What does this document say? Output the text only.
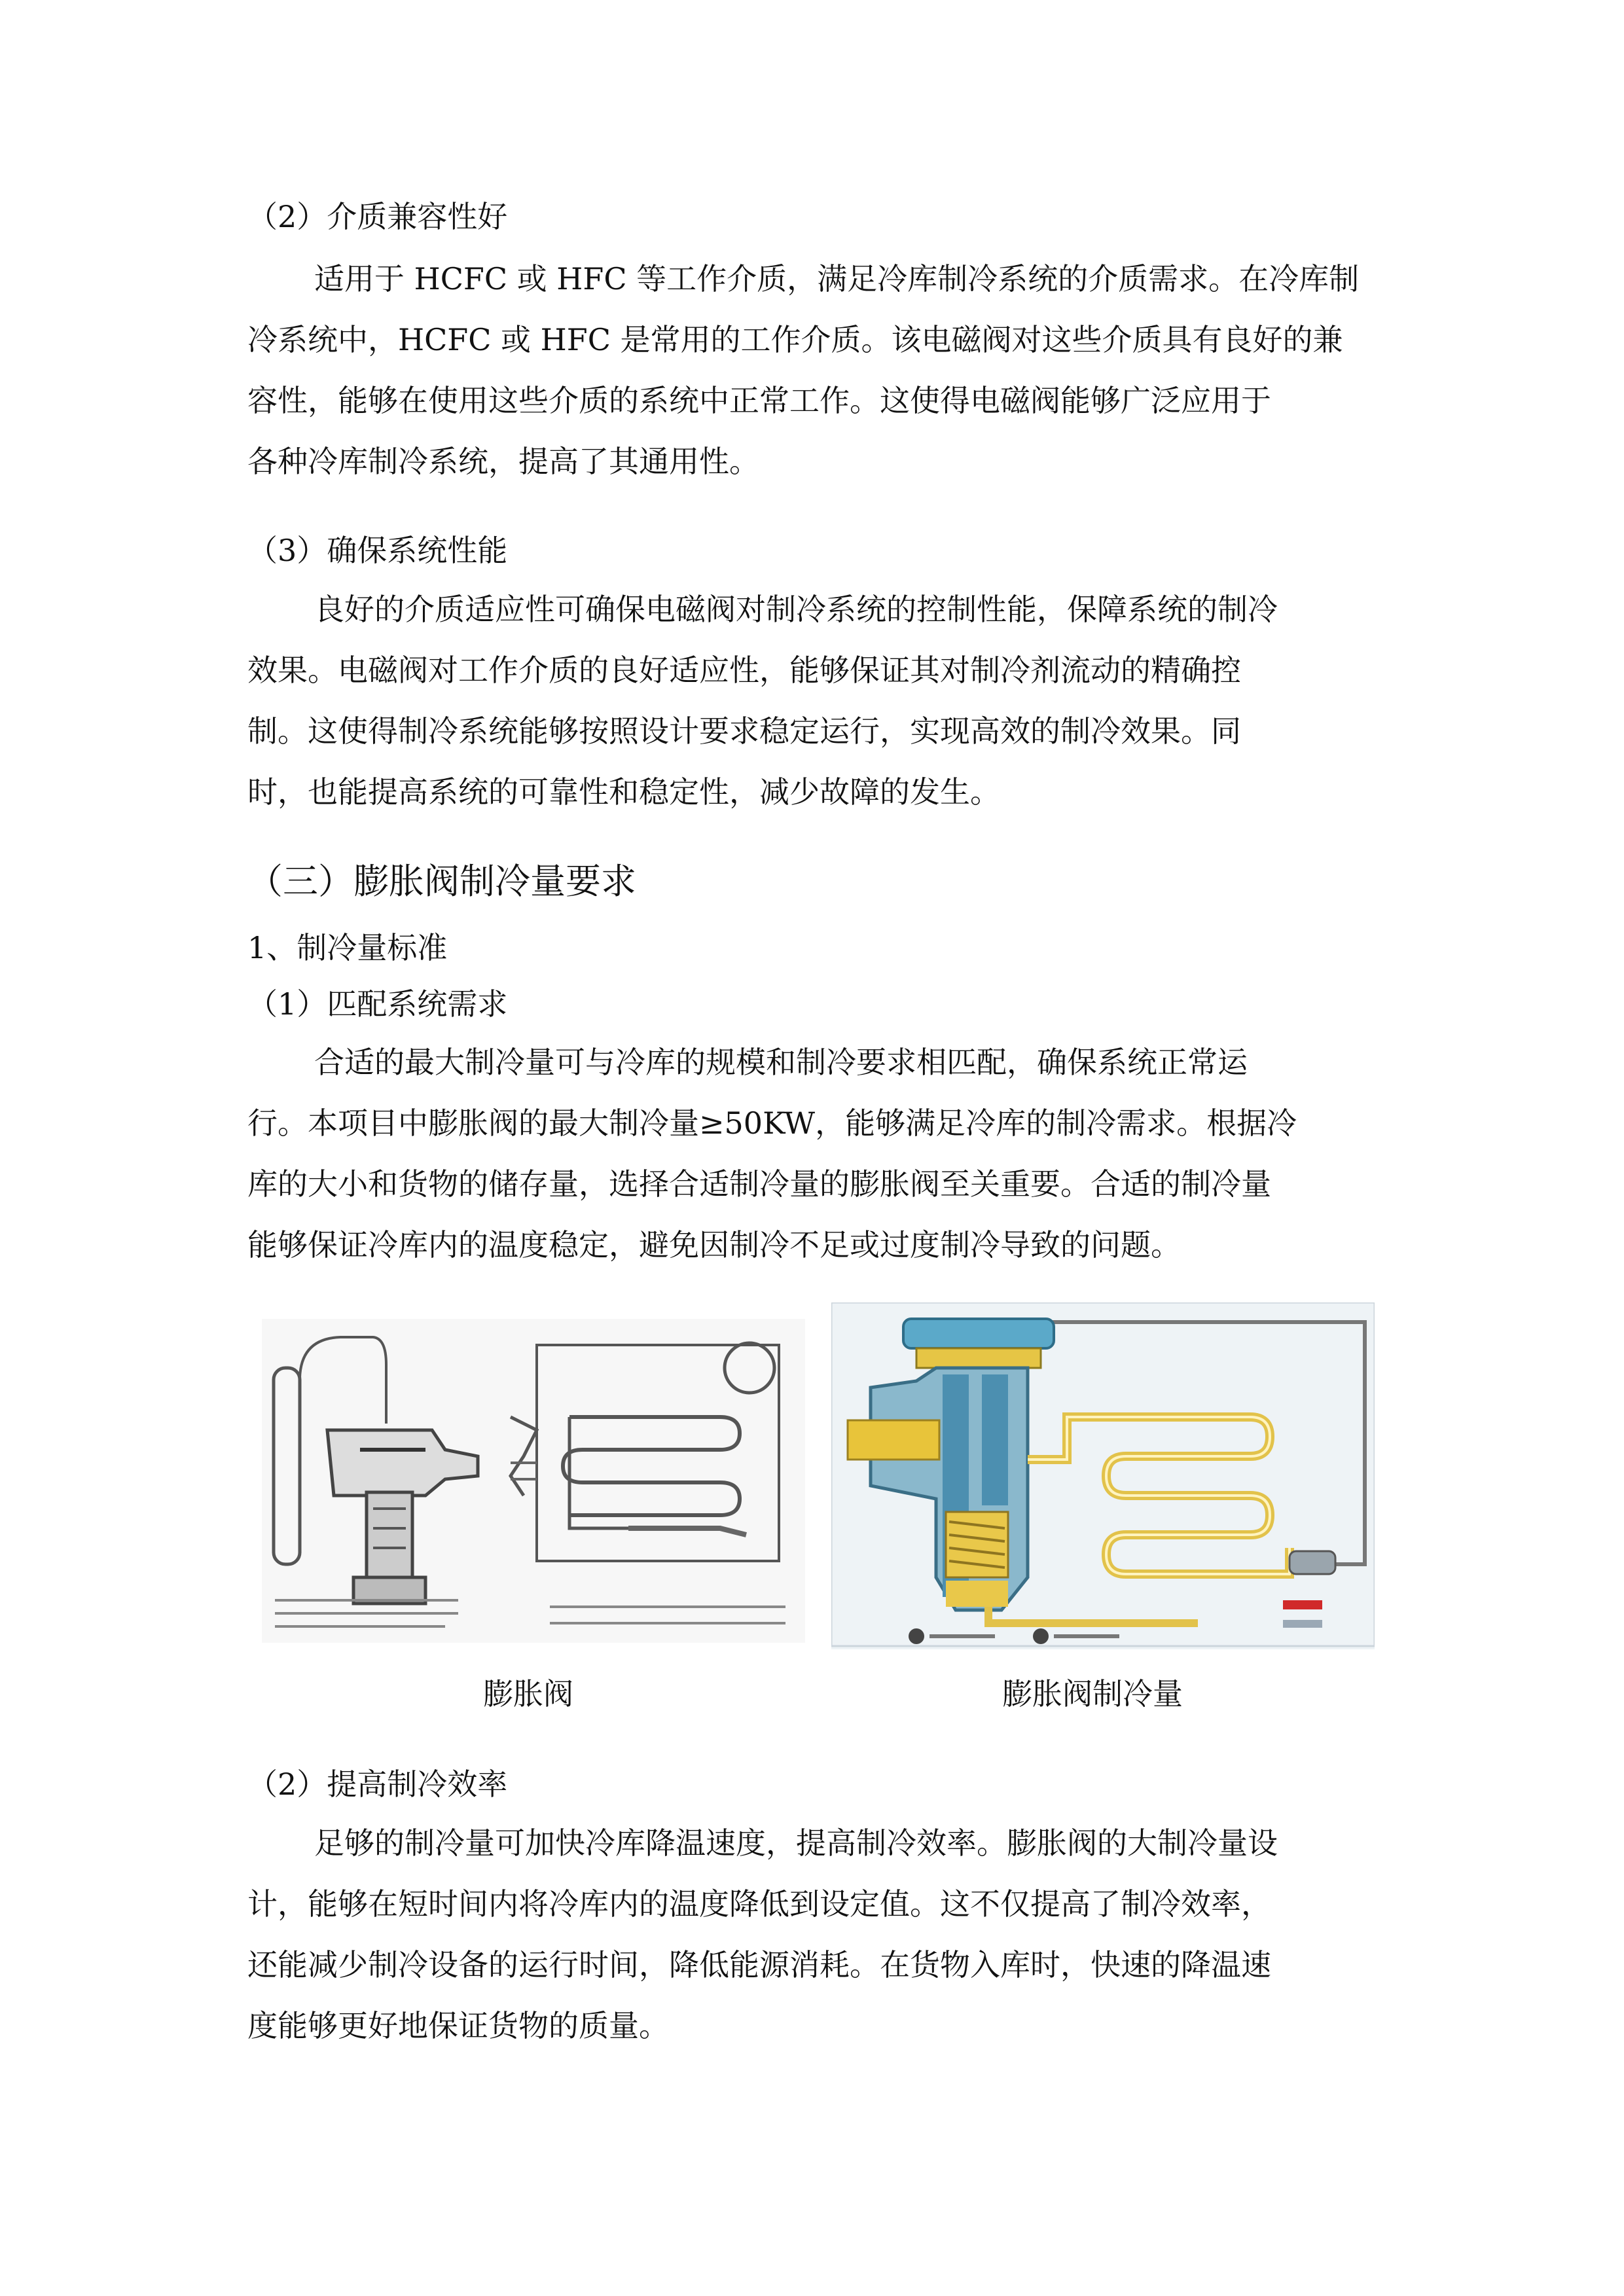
（2）介质兼容性好
适用于 HCFC 或 HFC 等工作介质，满足冷库制冷系统的介质需求。在冷库制
冷系统中，HCFC 或 HFC 是常用的工作介质。该电磁阀对这些介质具有良好的兼
容性，能够在使用这些介质的系统中正常工作。这使得电磁阀能够广泛应用于
各种冷库制冷系统，提高了其通用性。
（3）确保系统性能
良好的介质适应性可确保电磁阀对制冷系统的控制性能，保障系统的制冷
效果。电磁阀对工作介质的良好适应性，能够保证其对制冷剂流动的精确控
制。这使得制冷系统能够按照设计要求稳定运行，实现高效的制冷效果。同
时，也能提高系统的可靠性和稳定性，减少故障的发生。
（三）膨胀阀制冷量要求
1、制冷量标准
（1）匹配系统需求
合适的最大制冷量可与冷库的规模和制冷要求相匹配，确保系统正常运
行。本项目中膨胀阀的最大制冷量≥50KW，能够满足冷库的制冷需求。根据冷
库的大小和货物的储存量，选择合适制冷量的膨胀阀至关重要。合适的制冷量
能够保证冷库内的温度稳定，避免因制冷不足或过度制冷导致的问题。
膨胀阀	膨胀阀制冷量
（2）提高制冷效率
足够的制冷量可加快冷库降温速度，提高制冷效率。膨胀阀的大制冷量设
计，能够在短时间内将冷库内的温度降低到设定值。这不仅提高了制冷效率，
还能减少制冷设备的运行时间，降低能源消耗。在货物入库时，快速的降温速
度能够更好地保证货物的质量。
